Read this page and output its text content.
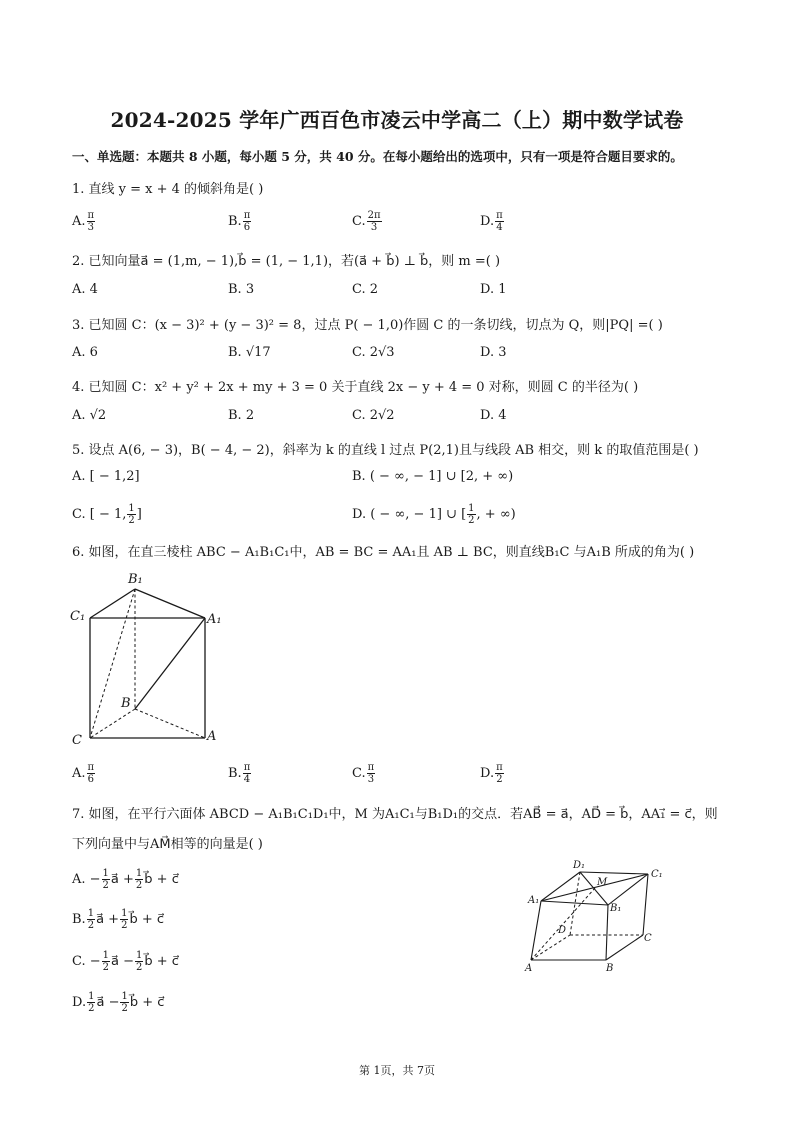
2024-2025 学年广西百色市凌云中学高二（上）期中数学试卷
一、单选题：本题共 8 小题，每小题 5 分，共 40 分。在每小题给出的选项中，只有一项是符合题目要求的。
1. 直线 y = x + 4 的倾斜角是( )
A. $\frac{\pi}{3}$	B. $\frac{\pi}{6}$	C. $\frac{2\pi}{3}$	D. $\frac{\pi}{4}$
2. 已知向量a⃗ = (1,m, − 1),b⃗ = (1, − 1,1)，若(a⃗ + b⃗) ⊥ b⃗，则 m =( )
A. 4	B. 3	C. 2	D. 1
3. 已知圆 C：(x − 3)² + (y − 3)² = 8，过点 P( − 1,0)作圆 C 的一条切线，切点为 Q，则|PQ| =( )
A. 6	B. √17	C. 2√3	D. 3
4. 已知圆 C：x² + y² + 2x + my + 3 = 0 关于直线 2x − y + 4 = 0 对称，则圆 C 的半径为( )
A. √2	B. 2	C. 2√2	D. 4
5. 设点 A(6, − 3)，B( − 4, − 2)，斜率为 k 的直线 l 过点 P(2,1)且与线段 AB 相交，则 k 的取值范围是( )
A. [ − 1,2]	B. ( − ∞, − 1] ∪ [2, + ∞)
C. [ − 1, $\frac{1}{2}$ ]	D. ( − ∞, − 1] ∪ [ $\frac{1}{2}$ , + ∞)
6. 如图，在直三棱柱 ABC − A₁B₁C₁中，AB = BC = AA₁且 AB ⊥ BC，则直线B₁C 与A₁B 所成的角为( )
B₁
C₁	A₁
B
C	A
A. $\frac{\pi}{6}$	B. $\frac{\pi}{4}$	C. $\frac{\pi}{3}$	D. $\frac{\pi}{2}$
7. 如图，在平行六面体 ABCD − A₁B₁C₁D₁中，M 为A₁C₁与B₁D₁的交点．若AB⃗ = a⃗，AD⃗ = b⃗，AA₁⃗ = c⃗，则
下列向量中与AM⃗相等的向量是( )
A. − $\frac{1}{2}$ a⃗ + $\frac{1}{2}$ b⃗ + c⃗
B. $\frac{1}{2}$ a⃗ + $\frac{1}{2}$ b⃗ + c⃗
C. − $\frac{1}{2}$ a⃗ − $\frac{1}{2}$ b⃗ + c⃗
D. $\frac{1}{2}$ a⃗ − $\frac{1}{2}$ b⃗ + c⃗
D₁
C₁
A₁
M
B₁
D
C
A	B
第 1页，共 7页
